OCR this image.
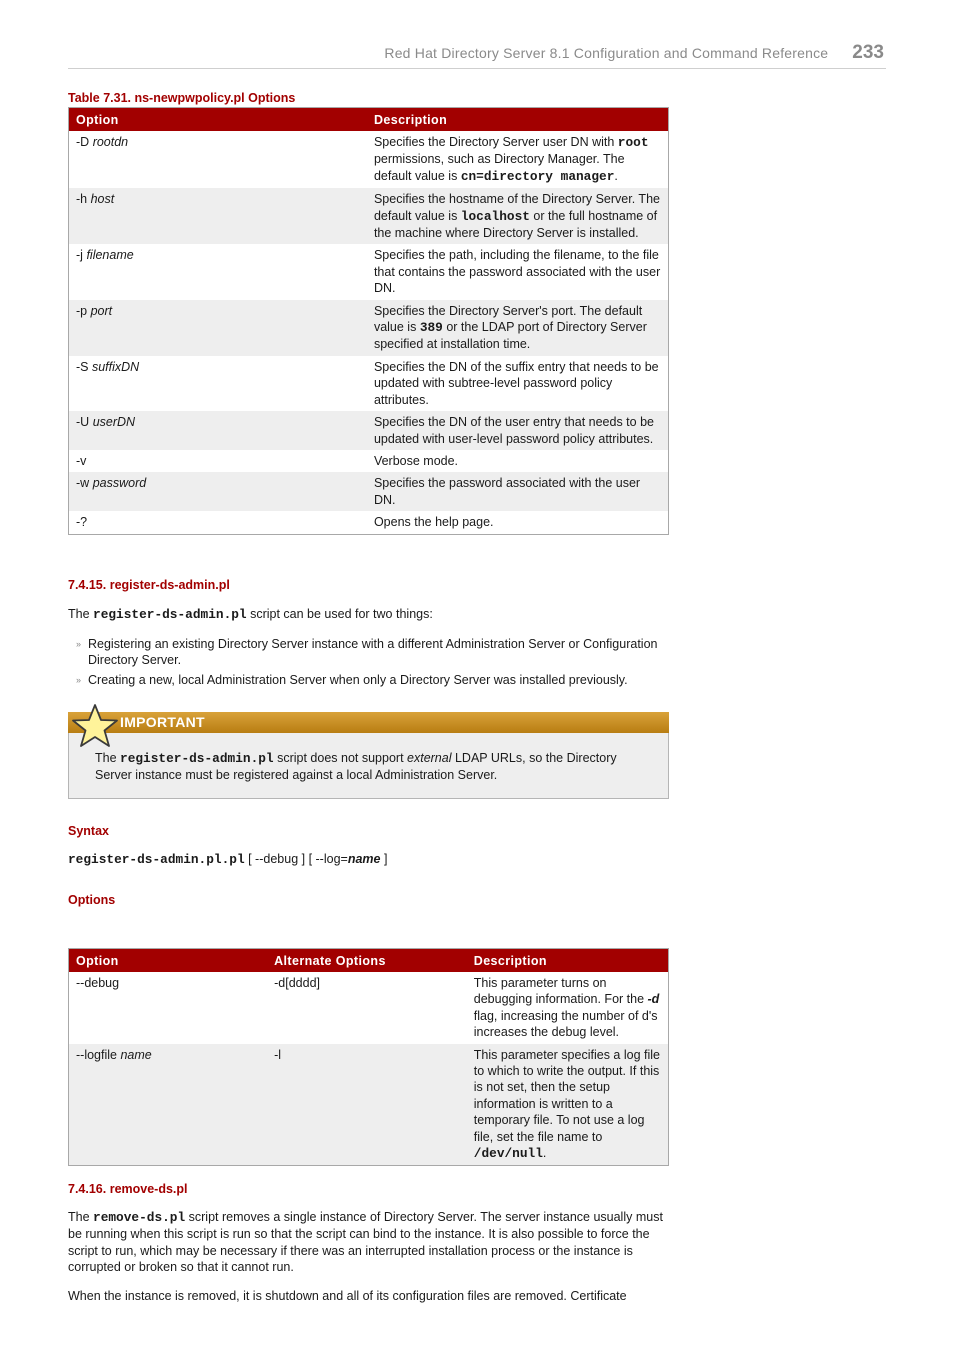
Red Hat Directory Server 8.1 Configuration and Command Reference 233
Table 7.31. ns-newpwpolicy.pl Options
Option	Description
-D rootdn	Specifies the Directory Server user DN with root permissions, such as Directory Manager. The default value is cn=directory manager.
-h host	Specifies the hostname of the Directory Server. The default value is localhost or the full hostname of the machine where Directory Server is installed.
-j filename	Specifies the path, including the filename, to the file that contains the password associated with the user DN.
-p port	Specifies the Directory Server's port. The default value is 389 or the LDAP port of Directory Server specified at installation time.
-S suffixDN	Specifies the DN of the suffix entry that needs to be updated with subtree-level password policy attributes.
-U userDN	Specifies the DN of the user entry that needs to be updated with user-level password policy attributes.
-v	Verbose mode.
-w password	Specifies the password associated with the user DN.
-?	Opens the help page.
7.4.15. register-ds-admin.pl

The register-ds-admin.pl script can be used for two things:

» Registering an existing Directory Server instance with a different Administration Server or Configuration Directory Server.
» Creating a new, local Administration Server when only a Directory Server was installed previously.
IMPORTANT
The register-ds-admin.pl script does not support external LDAP URLs, so the Directory Server instance must be registered against a local Administration Server.
Syntax

register-ds-admin.pl.pl [ --debug ] [ --log=name ]

Options
Option	Alternate Options	Description
--debug	-d[dddd]	This parameter turns on debugging information. For the -d flag, increasing the number of d's increases the debug level.
--logfile name	-l	This parameter specifies a log file to which to write the output. If this is not set, then the setup information is written to a temporary file. To not use a log file, set the file name to /dev/null.
7.4.16. remove-ds.pl

The remove-ds.pl script removes a single instance of Directory Server. The server instance usually must be running when this script is run so that the script can bind to the instance. It is also possible to force the script to run, which may be necessary if there was an interrupted installation process or the instance is corrupted or broken so that it cannot run.

When the instance is removed, it is shutdown and all of its configuration files are removed. Certificate
